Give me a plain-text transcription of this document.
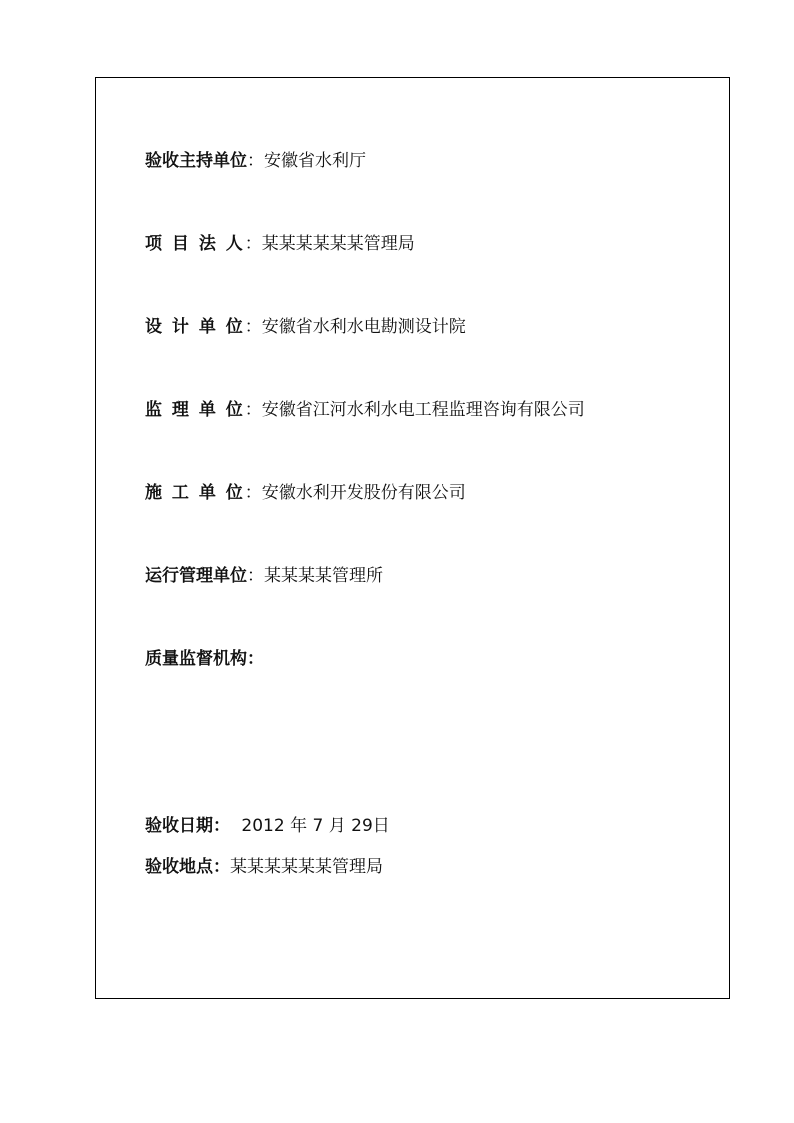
验收主持单位：安徽省水利厅
项 目 法 人：某某某某某某管理局
设 计 单 位：安徽省水利水电勘测设计院
监 理 单 位：安徽省江河水利水电工程监理咨询有限公司
施 工 单 位：安徽水利开发股份有限公司
运行管理单位：某某某某管理所
质量监督机构：
验收日期： 2012 年 7 月 29日
验收地点：某某某某某某管理局
